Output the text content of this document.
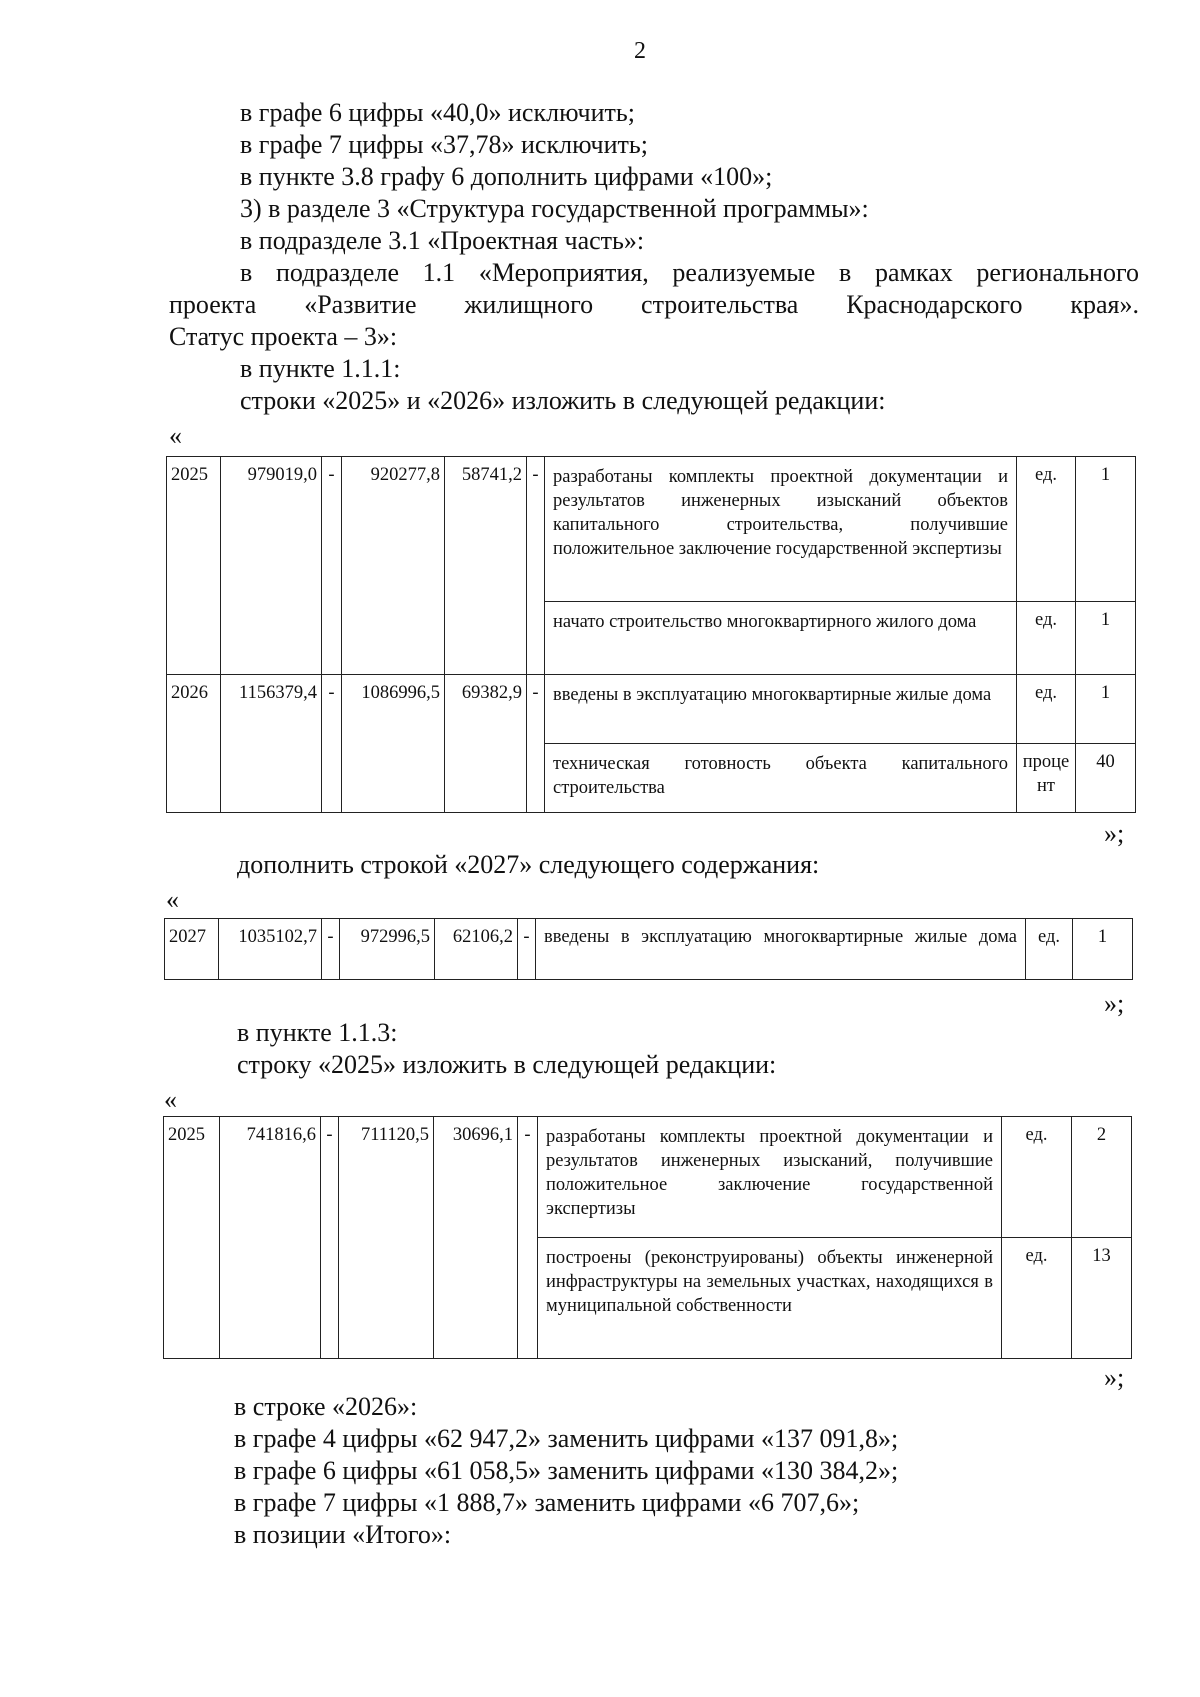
2
в графе 6 цифры «40,0» исключить;
в графе 7 цифры «37,78» исключить;
в пункте 3.8 графу 6 дополнить цифрами «100»;
3) в разделе 3 «Структура государственной программы»:
в подразделе 3.1 «Проектная часть»:
в подразделе 1.1 «Мероприятия, реализуемые в рамках регионального
проекта «Развитие жилищного строительства Краснодарского края».
Статус проекта – 3»:
в пункте 1.1.1:
строки «2025» и «2026» изложить в следующей редакции:
«
2025	979019,0	-	920277,8	58741,2	-	разработаны комплекты проектной документации и результатов инженерных изысканий объектов капитального строительства, получившие положительное заключение государственной экспертизы	ед.	1
						начато строительство многоквартирного жилого дома	ед.	1
2026	1156379,4	-	1086996,5	69382,9	-	введены в эксплуатацию многоквартирные жилые дома	ед.	1
						техническая готовность объекта капитального строительства	процент	40
»;
дополнить строкой «2027» следующего содержания:
«
2027	1035102,7	-	972996,5	62106,2	-	введены в эксплуатацию многоквартирные жилые дома	ед.	1
»;
в пункте 1.1.3:
строку «2025» изложить в следующей редакции:
«
2025	741816,6	-	711120,5	30696,1	-	разработаны комплекты проектной документации и результатов инженерных изысканий, получившие положительное заключение государственной экспертизы	ед.	2
						построены (реконструированы) объекты инженерной инфраструктуры на земельных участках, находящихся в муниципальной собственности	ед.	13
»;
в строке «2026»:
в графе 4 цифры «62 947,2» заменить цифрами «137 091,8»;
в графе 6 цифры «61 058,5» заменить цифрами «130 384,2»;
в графе 7 цифры «1 888,7» заменить цифрами «6 707,6»;
в позиции «Итого»:
